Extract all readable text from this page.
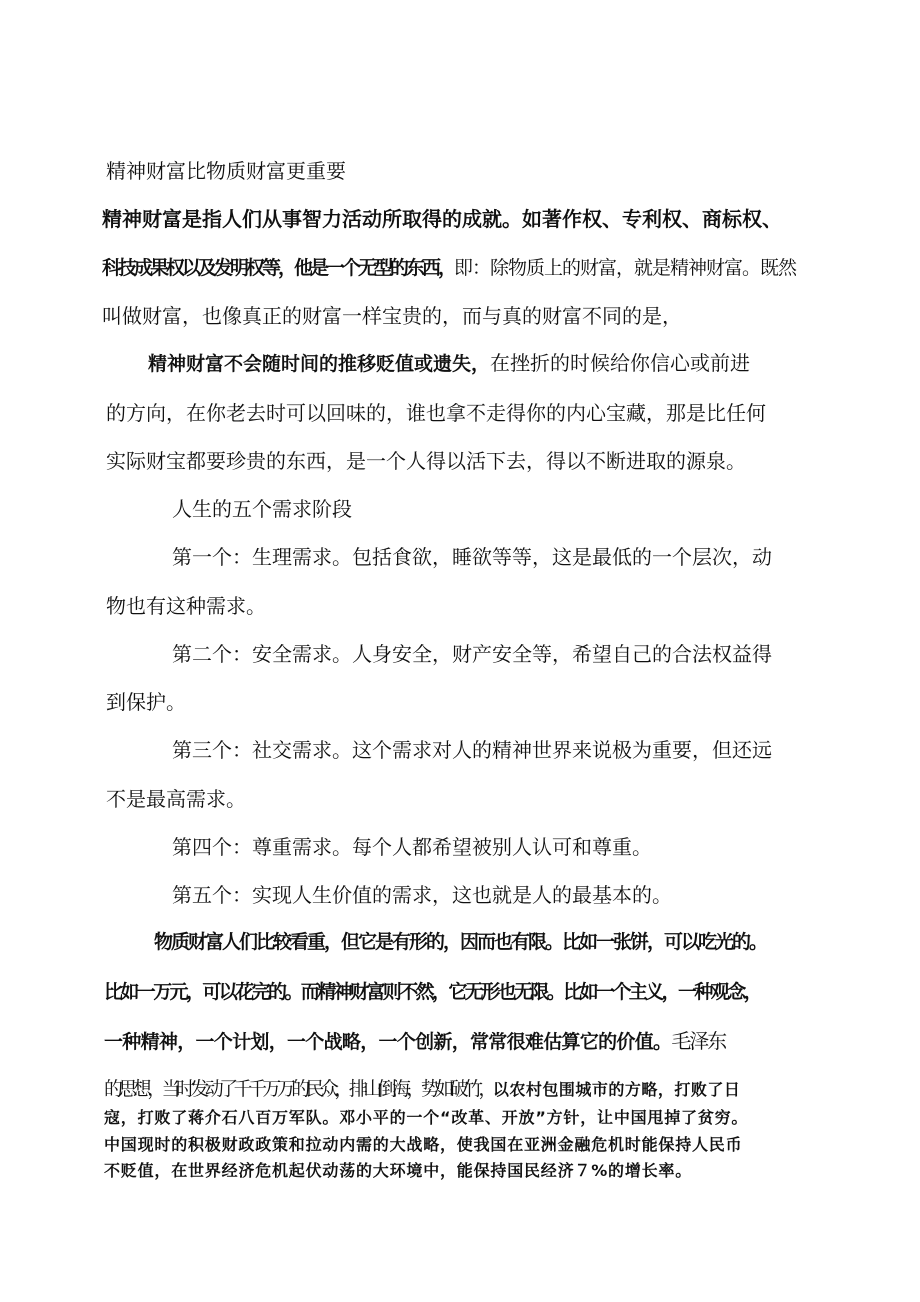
精神财富比物质财富更重要
精神财富是指人们从事智力活动所取得的成就。如著作权、专利权、商标权、
科技成果权以及发明权等，他是一个无型的东西，即：除物质上的财富，就是精神财富。既然
叫做财富，也像真正的财富一样宝贵的，而与真的财富不同的是，
精神财富不会随时间的推移贬值或遗失，在挫折的时候给你信心或前进
的方向，在你老去时可以回味的，谁也拿不走得你的内心宝藏，那是比任何
实际财宝都要珍贵的东西，是一个人得以活下去，得以不断进取的源泉。
人生的五个需求阶段
第一个：生理需求。包括食欲，睡欲等等，这是最低的一个层次，动
物也有这种需求。
第二个：安全需求。人身安全，财产安全等，希望自己的合法权益得
到保护。
第三个：社交需求。这个需求对人的精神世界来说极为重要，但还远
不是最高需求。
第四个：尊重需求。每个人都希望被别人认可和尊重。
第五个：实现人生价值的需求，这也就是人的最基本的。
物质财富人们比较看重，但它是有形的，因而也有限。比如一张饼，可以吃光的。
比如一万元，可以花完的。而精神财富则不然，它无形也无限。比如一个主义，一种观念，
一种精神，一个计划，一个战略，一个创新，常常很难估算它的价值。毛泽东
的思想，当时发动了千千万万的民众，排山倒海，势如破竹，以农村包围城市的方略，打败了日
寇，打败了蒋介石八百万军队。邓小平的一个“改革、开放”方针，让中国甩掉了贫穷。
中国现时的积极财政政策和拉动内需的大战略，使我国在亚洲金融危机时能保持人民币
不贬值，在世界经济危机起伏动荡的大环境中，能保持国民经济７%的增长率。
